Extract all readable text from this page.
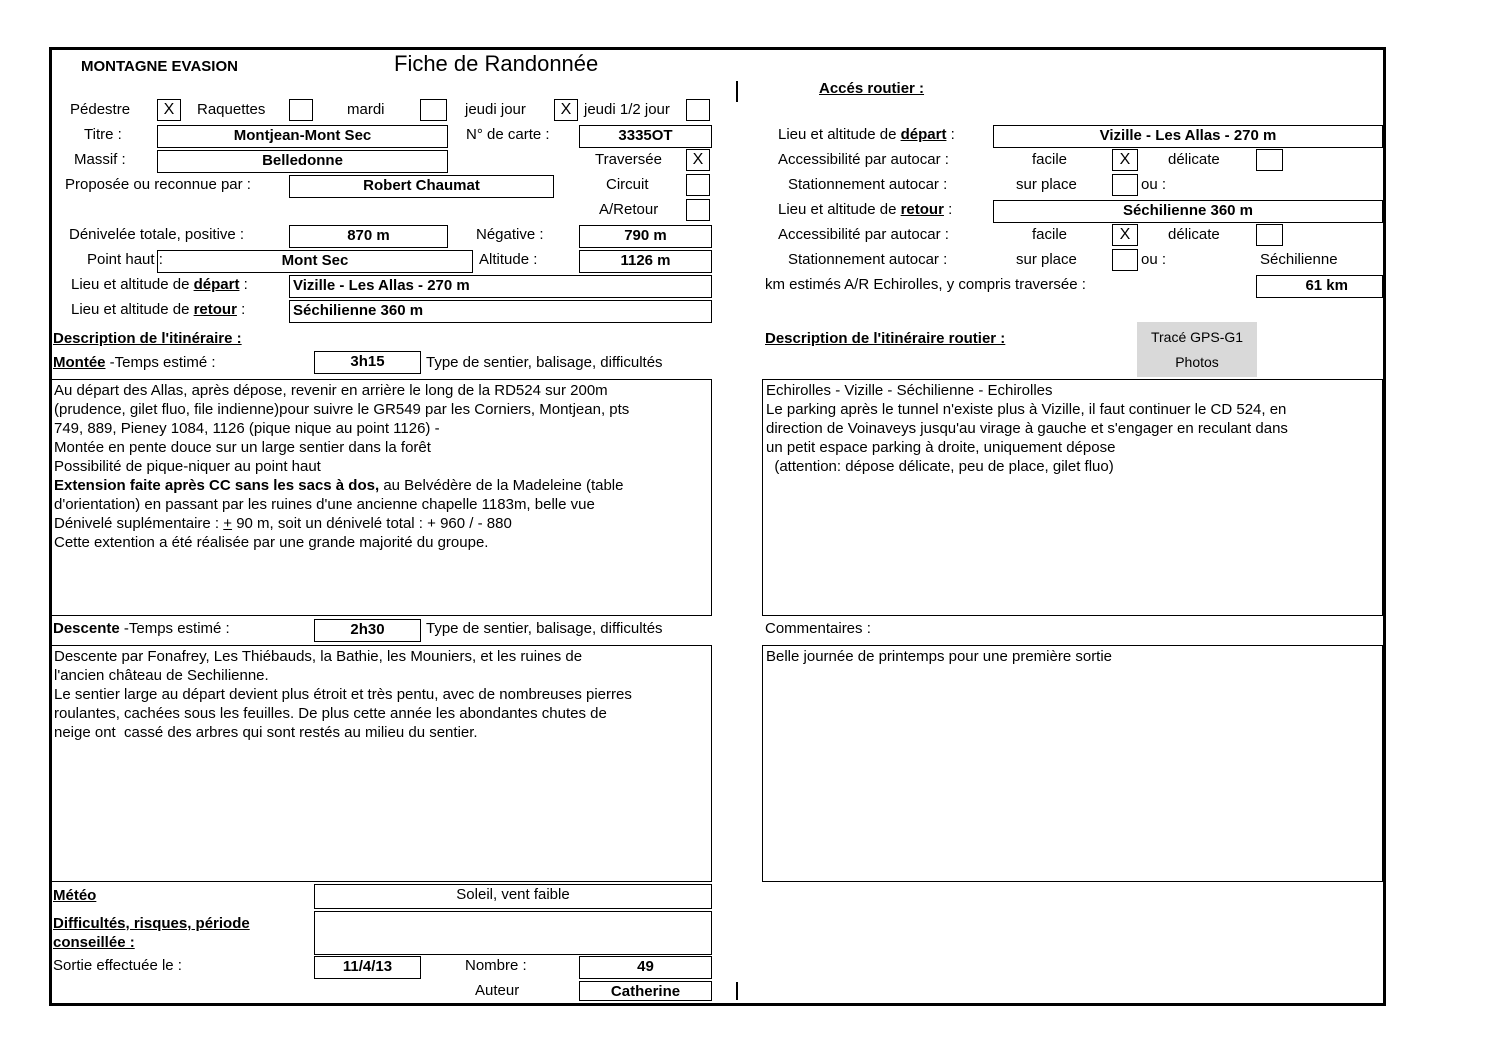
MONTAGNE EVASION	Fiche de Randonnée
Accés routier :
Pédestre	X	Raquettes	mardi	jeudi jour	X jeudi 1/2 jour
Titre :	Montjean-Mont Sec	N° de carte :	3335OT
Massif :	Belledonne	Traversée	X
Proposée ou reconnue par :	Robert Chaumat	Circuit
A/Retour
Dénivelée totale, positive :	870 m	Négative :	790 m
Point haut :	Mont Sec	Altitude :	1126 m
Lieu et altitude de départ :	Vizille - Les Allas - 270 m
Lieu et altitude de retour :	Séchilienne 360 m
Lieu et altitude de départ :	Vizille - Les Allas - 270 m
Accessibilité par autocar :	facile	X	délicate
Stationnement autocar :	sur place	ou :
Lieu et altitude de retour :	Séchilienne 360 m
Accessibilité par autocar :	facile	X	délicate
Stationnement autocar :	sur place	ou :	Séchilienne
km estimés A/R Echirolles, y compris traversée :	61 km
Description de l'itinéraire :
Montée -Temps estimé :	3h15	Type de sentier, balisage, difficultés
Description de l'itinéraire routier :	Tracé GPS-G1
Photos
Au départ des Allas, après dépose, revenir en arrière le long de la RD524 sur 200m
(prudence, gilet fluo, file indienne)pour suivre le GR549 par les Corniers, Montjean, pts
749, 889, Pieney 1084, 1126 (pique nique au point 1126) -
Montée en pente douce sur un large sentier dans la forêt
Possibilité de pique-niquer au point haut
Extension faite après CC sans les sacs à dos, au Belvédère de la Madeleine (table
d'orientation) en passant par les ruines d'une ancienne chapelle 1183m, belle vue
Dénivelé suplémentaire : + 90 m, soit un dénivelé total : + 960 / - 880
Cette extention a été réalisée par une grande majorité du groupe.
Echirolles - Vizille - Séchilienne - Echirolles
Le parking après le tunnel n'existe plus à Vizille, il faut continuer le CD 524, en
direction de Voinaveys jusqu'au virage à gauche et s'engager en reculant dans
un petit espace parking à droite, uniquement dépose
(attention: dépose délicate, peu de place, gilet fluo)
Descente -Temps estimé :	2h30	Type de sentier, balisage, difficultés	Commentaires :
Descente par Fonafrey, Les Thiébauds, la Bathie, les Mouniers, et les ruines de
l'ancien château de Sechilienne.
Le sentier large au départ devient plus étroit et très pentu, avec de nombreuses pierres
roulantes, cachées sous les feuilles. De plus cette année les abondantes chutes de
neige ont  cassé des arbres qui sont restés au milieu du sentier.
Belle journée de printemps pour une première sortie
Météo	Soleil, vent faible
Difficultés, risques, période
conseillée :
Sortie effectuée le :	11/4/13	Nombre :	49
Auteur	Catherine
